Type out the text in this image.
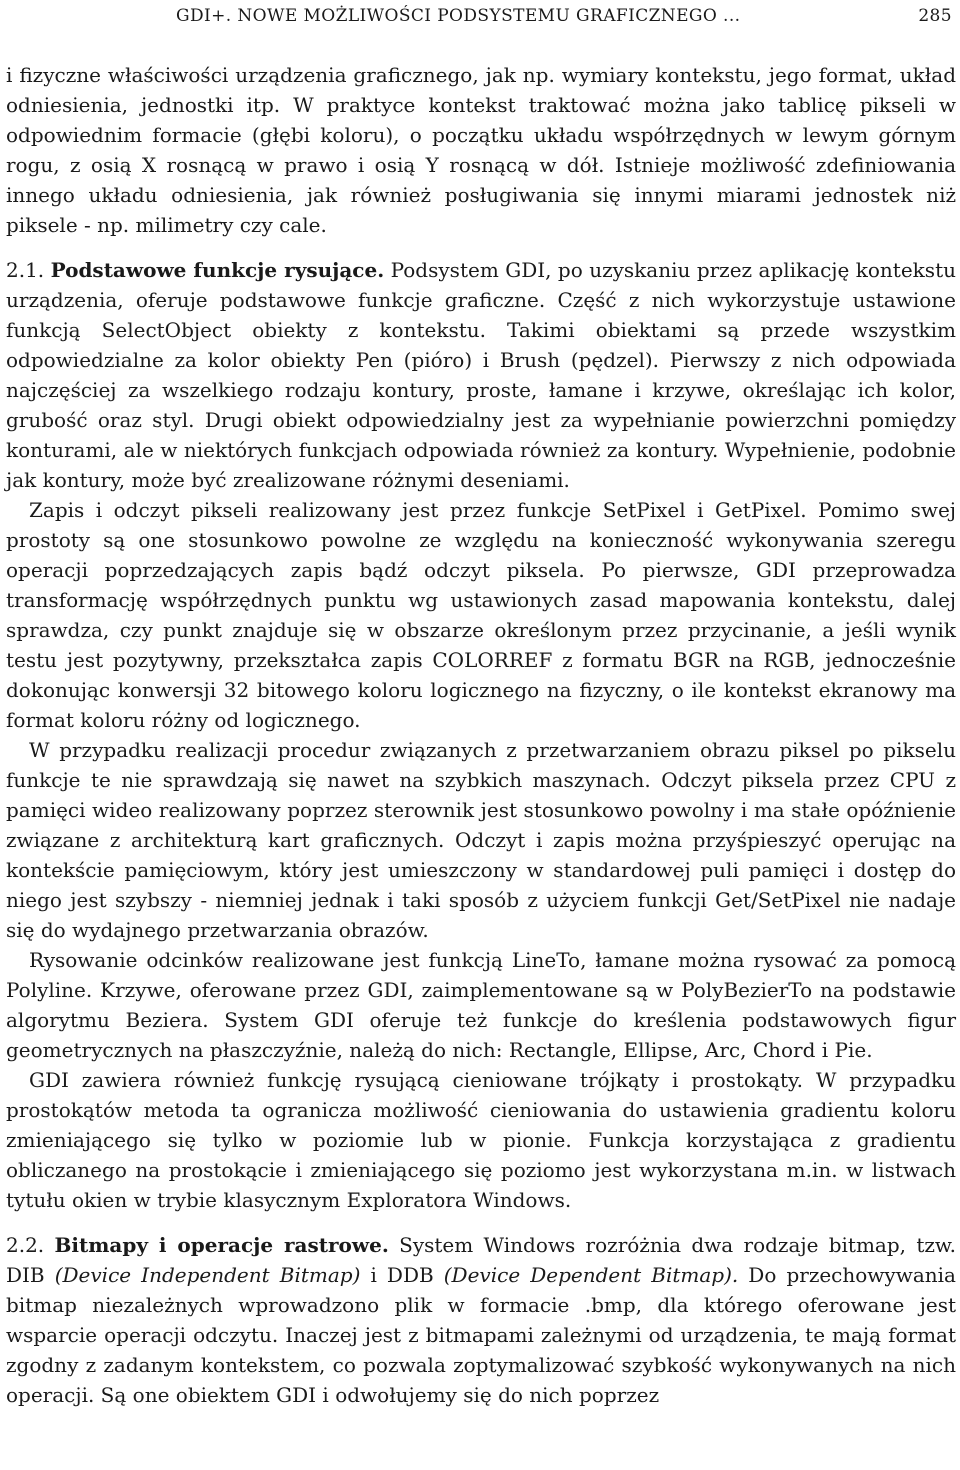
GDI+. NOWE MOŻLIWOŚCI PODSYSTEMU GRAFICZNEGO ...	285

i fizyczne właściwości urządzenia graficznego, jak np. wymiary kontekstu, jego format, układ odniesienia, jednostki itp. W praktyce kontekst traktować można jako tablicę pikseli w odpowiednim formacie (głębi koloru), o początku układu współrzędnych w lewym górnym rogu, z osią X rosnącą w prawo i osią Y rosnącą w dół. Istnieje możliwość zdefiniowania innego układu odniesienia, jak również posługiwania się innymi miarami jednostek niż piksele - np. milimetry czy cale.

2.1. Podstawowe funkcje rysujące. Podsystem GDI, po uzyskaniu przez aplikację kontekstu urządzenia, oferuje podstawowe funkcje graficzne. Część z nich wykorzystuje ustawione funkcją SelectObject obiekty z kontekstu. Takimi obiektami są przede wszystkim odpowiedzialne za kolor obiekty Pen (pióro) i Brush (pędzel). Pierwszy z nich odpowiada najczęściej za wszelkiego rodzaju kontury, proste, łamane i krzywe, określając ich kolor, grubość oraz styl. Drugi obiekt odpowiedzialny jest za wypełnianie powierzchni pomiędzy konturami, ale w niektórych funkcjach odpowiada również za kontury. Wypełnienie, podobnie jak kontury, może być zrealizowane różnymi deseniami.

Zapis i odczyt pikseli realizowany jest przez funkcje SetPixel i GetPixel. Pomimo swej prostoty są one stosunkowo powolne ze względu na konieczność wykonywania szeregu operacji poprzedzających zapis bądź odczyt piksela. Po pierwsze, GDI przeprowadza transformację współrzędnych punktu wg ustawionych zasad mapowania kontekstu, dalej sprawdza, czy punkt znajduje się w obszarze określonym przez przycinanie, a jeśli wynik testu jest pozytywny, przekształca zapis COLORREF z formatu BGR na RGB, jednocześnie dokonując konwersji 32 bitowego koloru logicznego na fizyczny, o ile kontekst ekranowy ma format koloru różny od logicznego.

W przypadku realizacji procedur związanych z przetwarzaniem obrazu piksel po pikselu funkcje te nie sprawdzają się nawet na szybkich maszynach. Odczyt piksela przez CPU z pamięci wideo realizowany poprzez sterownik jest stosunkowo powolny i ma stałe opóźnienie związane z architekturą kart graficznych. Odczyt i zapis można przyśpieszyć operując na kontekście pamięciowym, który jest umieszczony w standardowej puli pamięci i dostęp do niego jest szybszy - niemniej jednak i taki sposób z użyciem funkcji Get/SetPixel nie nadaje się do wydajnego przetwarzania obrazów.

Rysowanie odcinków realizowane jest funkcją LineTo, łamane można rysować za pomocą Polyline. Krzywe, oferowane przez GDI, zaimplementowane są w PolyBezierTo na podstawie algorytmu Beziera. System GDI oferuje też funkcje do kreślenia podstawowych figur geometrycznych na płaszczyźnie, należą do nich: Rectangle, Ellipse, Arc, Chord i Pie.

GDI zawiera również funkcję rysującą cieniowane trójkąty i prostokąty. W przypadku prostokątów metoda ta ogranicza możliwość cieniowania do ustawienia gradientu koloru zmieniającego się tylko w poziomie lub w pionie. Funkcja korzystająca z gradientu obliczanego na prostokącie i zmieniającego się poziomo jest wykorzystana m.in. w listwach tytułu okien w trybie klasycznym Exploratora Windows.

2.2. Bitmapy i operacje rastrowe. System Windows rozróżnia dwa rodzaje bitmap, tzw. DIB (Device Independent Bitmap) i DDB (Device Dependent Bitmap). Do przechowywania bitmap niezależnych wprowadzono plik w formacie .bmp, dla którego oferowane jest wsparcie operacji odczytu. Inaczej jest z bitmapami zależnymi od urządzenia, te mają format zgodny z zadanym kontekstem, co pozwala zoptymalizować szybkość wykonywanych na nich operacji. Są one obiektem GDI i odwołujemy się do nich poprzez
